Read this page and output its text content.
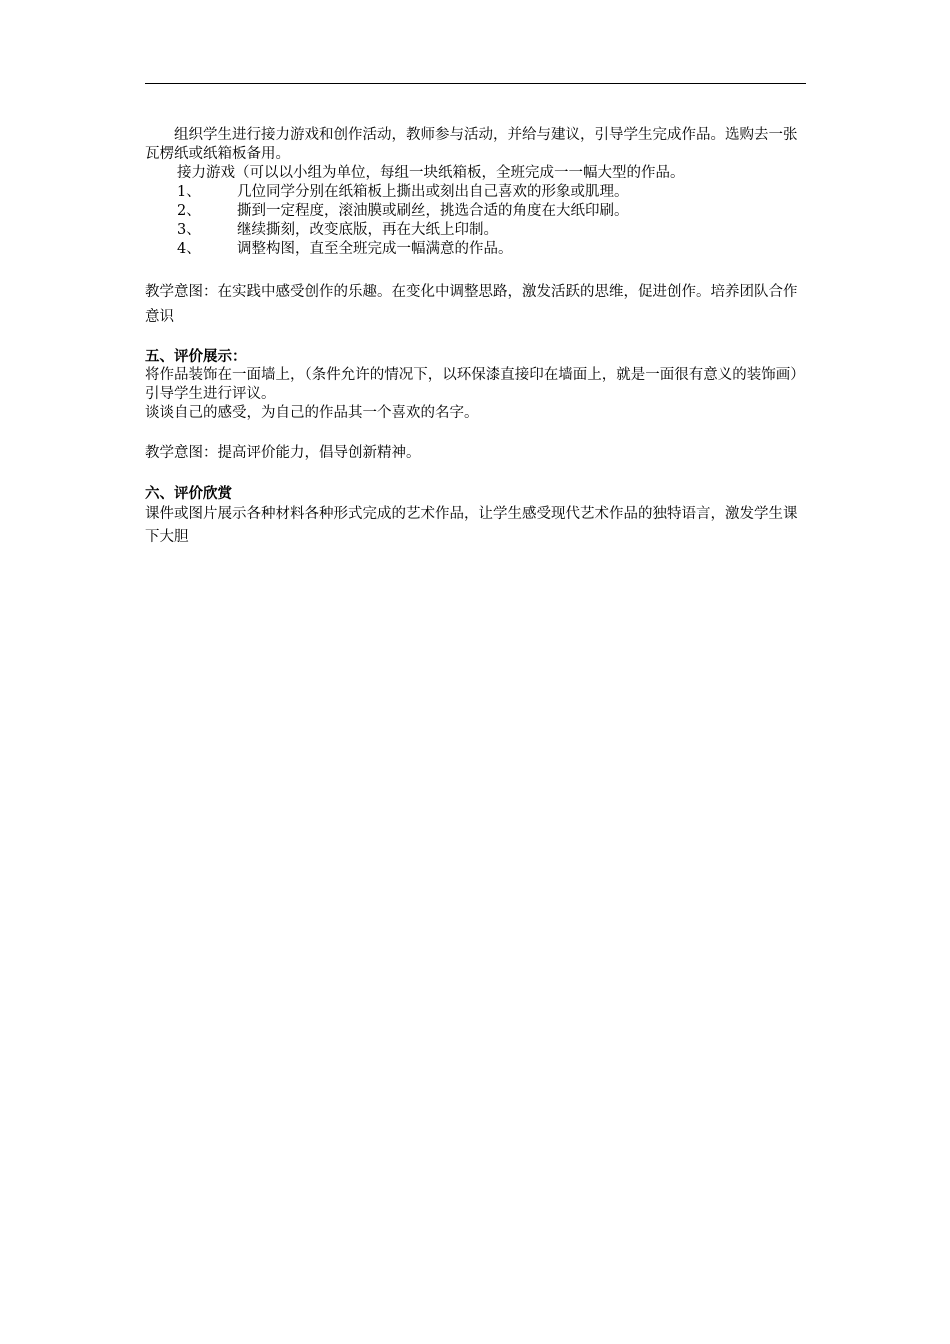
组织学生进行接力游戏和创作活动，教师参与活动，并给与建议，引导学生完成作品。选购去一张瓦楞纸或纸箱板备用。

接力游戏（可以以小组为单位，每组一块纸箱板，全班完成一一幅大型的作品。

1、	几位同学分别在纸箱板上撕出或刻出自己喜欢的形象或肌理。
2、	撕到一定程度，滚油膜或刷丝，挑选合适的角度在大纸印刷。
3、	继续撕刻，改变底版，再在大纸上印制。
4、	调整构图，直至全班完成一幅满意的作品。

教学意图：在实践中感受创作的乐趣。在变化中调整思路，激发活跃的思维，促进创作。培养团队合作意识

五、评价展示：

将作品装饰在一面墙上，（条件允许的情况下，以环保漆直接印在墙面上，就是一面很有意义的装饰画）引导学生进行评议。

谈谈自己的感受，为自己的作品其一个喜欢的名字。

教学意图：提高评价能力，倡导创新精神。

六、评价欣赏

课件或图片展示各种材料各种形式完成的艺术作品，让学生感受现代艺术作品的独特语言，激发学生课下大胆
